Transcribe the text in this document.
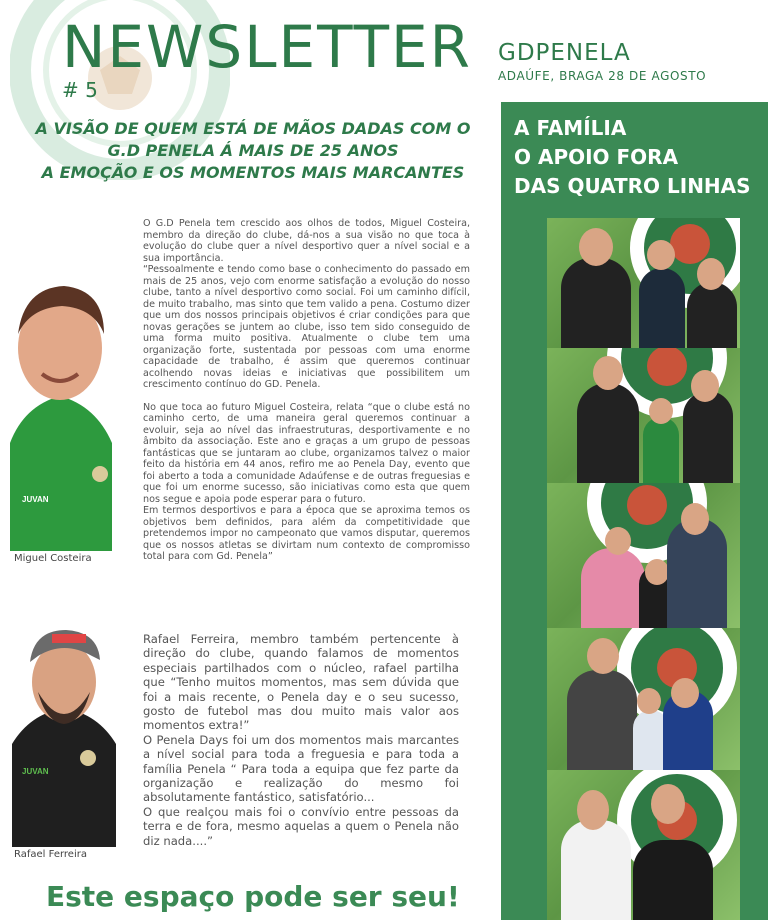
NEWSLETTER
# 5
GDPENELA
ADAÚFE, BRAGA 28 DE AGOSTO
A VISÃO DE QUEM ESTÁ DE MÃOS DADAS COM O
G.D PENELA Á MAIS DE 25 ANOS
A EMOÇÃO E OS MOMENTOS MAIS MARCANTES
A FAMÍLIA
O APOIO FORA
DAS QUATRO LINHAS
JUVAN
Miguel Costeira

O G.D Penela tem crescido aos olhos de todos, Miguel Costeira, membro da direção do clube, dá-nos a sua visão no que toca à evolução do clube quer a nível desportivo quer a nível social e a sua importância.

“Pessoalmente e tendo como base o conhecimento do passado em mais de 25 anos, vejo com enorme satisfação a evolução do nosso clube, tanto a nível desportivo como social. Foi um caminho difícil, de muito trabalho, mas sinto que tem valido a pena. Costumo dizer que um dos nossos principais objetivos é criar condições para que novas gerações se juntem ao clube, isso tem sido conseguido de uma forma muito positiva. Atualmente o clube tem uma organização forte, sustentada por pessoas com uma enorme capacidade de trabalho, é assim que queremos continuar acolhendo novas ideias e iniciativas que possibilitem um crescimento contínuo do GD. Penela.

No que toca ao futuro Miguel Costeira, relata “que o clube está no caminho certo, de uma maneira geral queremos continuar a evoluir, seja ao nível das infraestruturas, desportivamente e no âmbito da associação. Este ano e graças a um grupo de pessoas fantásticas que se juntaram ao clube, organizamos talvez o maior feito da história em 44 anos, refiro me ao Penela Day, evento que foi aberto a toda a comunidade Adaúfense e de outras freguesias e que foi um enorme sucesso, são iniciativas como esta que quem nos segue e apoia pode esperar para o futuro.

Em termos desportivos e para a época que se aproxima temos os objetivos bem definidos, para além da competitividade que pretendemos impor no campeonato que vamos disputar, queremos que os nossos atletas se divirtam num contexto de compromisso total para com Gd. Penela”

JUVAN
Rafael Ferreira

Rafael Ferreira, membro também pertencente à direção do clube, quando falamos de momentos especiais partilhados com o núcleo, rafael partilha que “Tenho muitos momentos, mas sem dúvida que foi a mais recente, o Penela day e o seu sucesso, gosto de futebol mas dou muito mais valor aos momentos extra!”

O Penela Days foi um dos momentos mais marcantes a nível social para toda a freguesia e para toda a família Penela “ Para toda a equipa que fez parte da organização e realização do mesmo foi absolutamente fantástico, satisfatório...

O que realçou mais foi o convívio entre pessoas da terra e de fora, mesmo aquelas a quem o Penela não diz nada....”

Este espaço pode ser seu!
